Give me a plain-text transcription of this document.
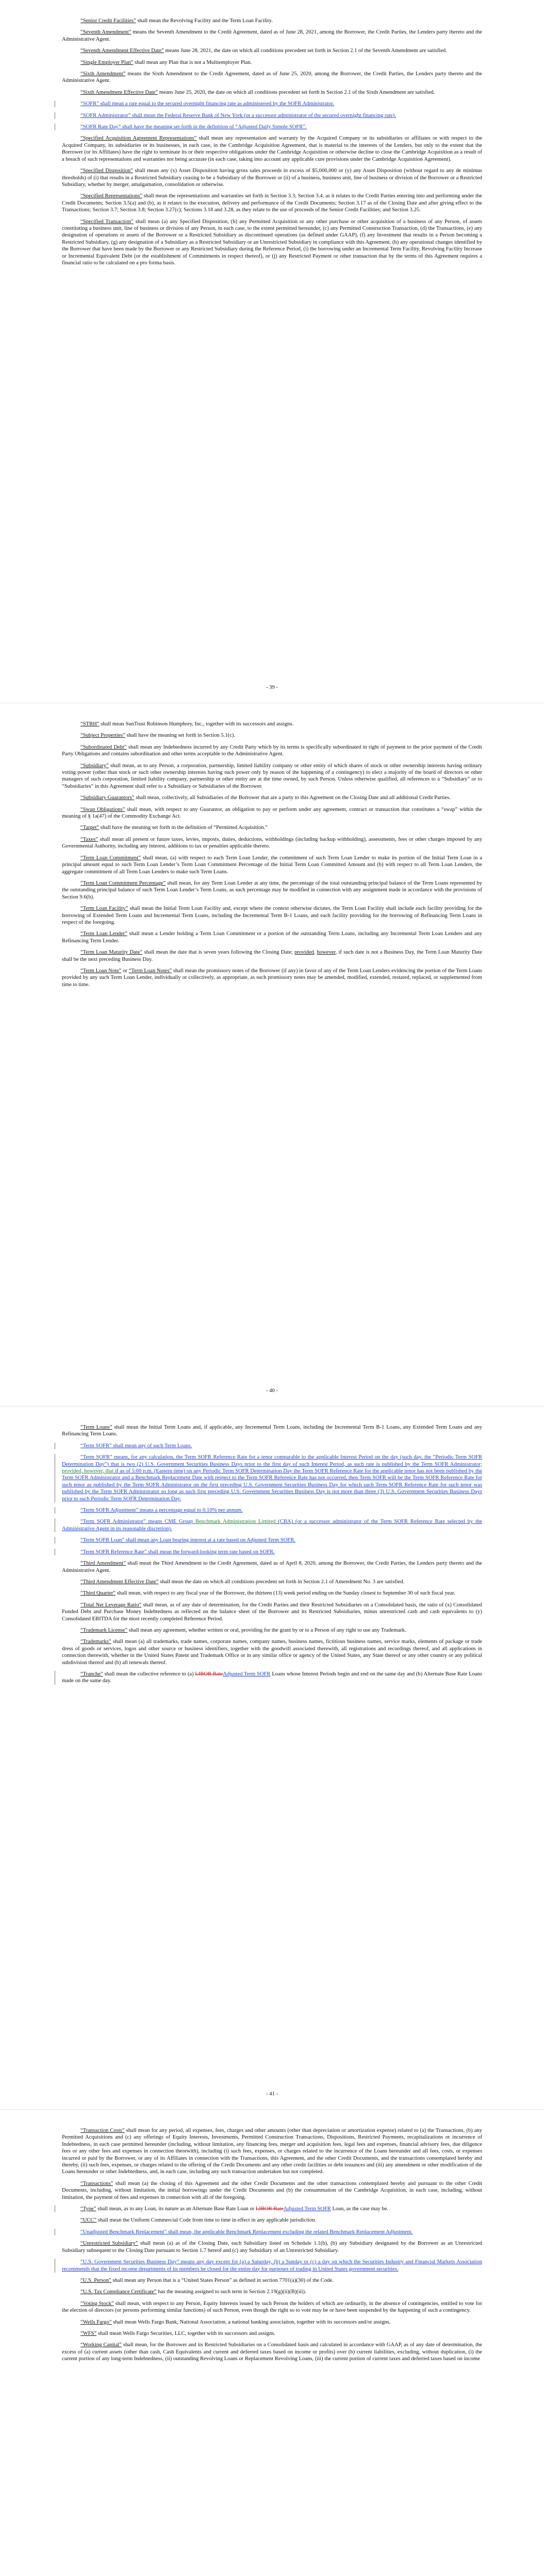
“Senior Credit Facilities” shall mean the Revolving Facility and the Term Loan Facility.

“Seventh Amendment” means the Seventh Amendment to the Credit Agreement, dated as of June 28, 2021, among the Borrower, the Credit Parties, the Lenders party thereto and the Administrative Agent.

“Seventh Amendment Effective Date” means June 28, 2021, the date on which all conditions precedent set forth in Section 2.1 of the Seventh Amendment are satisfied.

“Single Employer Plan” shall mean any Plan that is not a Multiemployer Plan.

“Sixth Amendment” means the Sixth Amendment to the Credit Agreement, dated as of June 25, 2020, among the Borrower, the Credit Parties, the Lenders party thereto and the Administrative Agent.

“Sixth Amendment Effective Date” means June 25, 2020, the date on which all conditions precedent set forth in Section 2.1 of the Sixth Amendment are satisfied.

“SOFR” shall mean a rate equal to the secured overnight financing rate as administered by the SOFR Administrator.

“SOFR Administrator” shall mean the Federal Reserve Bank of New York (or a successor administrator of the secured overnight financing rate).

“SOFR Rate Day” shall have the meaning set forth in the definition of “Adjusted Daily Simple SOFR”.

“Specified Acquisition Agreement Representations” shall mean any representation and warranty by the Acquired Company or its subsidiaries or affiliates or with respect to the Acquired Company, its subsidiaries or its businesses, in each case, in the Cambridge Acquisition Agreement, that is material to the interests of the Lenders, but only to the extent that the Borrower (or its Affiliates) have the right to terminate its or their respective obligations under the Cambridge Acquisition or otherwise decline to close the Cambridge Acquisition as a result of a breach of such representations and warranties not being accurate (in each case, taking into account any applicable cure provisions under the Cambridge Acquisition Agreement).

“Specified Disposition” shall mean any (x) Asset Disposition having gross sales proceeds in excess of $5,000,000 or (y) any Asset Disposition (without regard to any de minimus thresholds) of (i) that results in a Restricted Subsidiary ceasing to be a Subsidiary of the Borrower or (ii) of a business, business unit, line of business or division of the Borrower or a Restricted Subsidiary, whether by merger, amalgamation, consolidation or otherwise.

“Specified Representations” shall mean the representations and warranties set forth in Section 3.3; Section 3.4, as it relates to the Credit Parties entering into and performing under the Credit Documents; Section 3.5(a) and (b), as it relates to the execution, delivery and performance of the Credit Documents; Section 3.17 as of the Closing Date and after giving effect to the Transactions; Section 3.7; Section 3.8; Section 3.27(c); Sections 3.18 and 3.28, as they relate to the use of proceeds of the Senior Credit Facilities; and Section 3.25.

“Specified Transaction” shall mean (a) any Specified Disposition, (b) any Permitted Acquisition or any other purchase or other acquisition of a business of any Person, of assets constituting a business unit, line of business or division of any Person, in each case, to the extent permitted hereunder, (c) any Permitted Construction Transaction, (d) the Transactions, (e) any designation of operations or assets of the Borrower or a Restricted Subsidiary as discontinued operations (as defined under GAAP), (f) any Investment that results in a Person becoming a Restricted Subsidiary, (g) any designation of a Subsidiary as a Restricted Subsidiary or an Unrestricted Subsidiary in compliance with this Agreement, (h) any operational changes identified by the Borrower that have been made by the Borrower or any Restricted Subsidiary during the Reference Period, (i) the borrowing under an Incremental Term Facility, Revolving Facility Increase or Incremental Equivalent Debt (or the establishment of Commitments in respect thereof), or (j) any Restricted Payment or other transaction that by the terms of this Agreement requires a financial ratio to be calculated on a pro forma basis.

- 39 -

“STRH” shall mean SunTrust Robinson Humphrey, Inc., together with its successors and assigns.

“Subject Properties” shall have the meaning set forth in Section 5.1(c).

“Subordinated Debt” shall mean any Indebtedness incurred by any Credit Party which by its terms is specifically subordinated in right of payment to the prior payment of the Credit Party Obligations and contains subordination and other terms acceptable to the Administrative Agent.

“Subsidiary” shall mean, as to any Person, a corporation, partnership, limited liability company or other entity of which shares of stock or other ownership interests having ordinary voting power (other than stock or such other ownership interests having such power only by reason of the happening of a contingency) to elect a majority of the board of directors or other managers of such corporation, limited liability company, partnership or other entity are at the time owned, by such Person. Unless otherwise qualified, all references to a “Subsidiary” or to “Subsidiaries” in this Agreement shall refer to a Subsidiary or Subsidiaries of the Borrower.

“Subsidiary Guarantors” shall mean, collectively, all Subsidiaries of the Borrower that are a party to this Agreement on the Closing Date and all additional Credit Parties.

“Swap Obligations” shall mean, with respect to any Guarantor, an obligation to pay or perform under any agreement, contract or transaction that constitutes a “swap” within the meaning of § 1a(47) of the Commodity Exchange Act.

“Target” shall have the meaning set forth in the definition of “Permitted Acquisition.”

“Taxes” shall mean all present or future taxes, levies, imposts, duties, deductions, withholdings (including backup withholding), assessments, fees or other charges imposed by any Governmental Authority, including any interest, additions to tax or penalties applicable thereto.

“Term Loan Commitment” shall mean, (a) with respect to each Term Loan Lender, the commitment of such Term Loan Lender to make its portion of the Initial Term Loan in a principal amount equal to such Term Loan Lender’s Term Loan Commitment Percentage of the Initial Term Loan Committed Amount and (b) with respect to all Term Loan Lenders, the aggregate commitment of all Term Loan Lenders to make such Term Loans.

“Term Loan Commitment Percentage” shall mean, for any Term Loan Lender at any time, the percentage of the total outstanding principal balance of the Term Loans represented by the outstanding principal balance of such Term Loan Lender’s Term Loans, as such percentage may be modified in connection with any assignment made in accordance with the provisions of Section 9.6(b).

“Term Loan Facility” shall mean the Initial Term Loan Facility and, except where the context otherwise dictates, the Term Loan Facility shall include each facility providing for the borrowing of Extended Term Loans and Incremental Term Loans, including the Incremental Term B-1 Loans, and each facility providing for the borrowing of Refinancing Term Loans in respect of the foregoing.

“Term Loan Lender” shall mean a Lender holding a Term Loan Commitment or a portion of the outstanding Term Loans, including any Incremental Term Loan Lenders and any Refinancing Term Lender.

“Term Loan Maturity Date” shall mean the date that is seven years following the Closing Date; provided, however, if such date is not a Business Day, the Term Loan Maturity Date shall be the next preceding Business Day.

“Term Loan Note” or “Term Loan Notes” shall mean the promissory notes of the Borrower (if any) in favor of any of the Term Loan Lenders evidencing the portion of the Term Loans provided by any such Term Loan Lender, individually or collectively, as appropriate, as such promissory notes may be amended, modified, extended, restated, replaced, or supplemented from time to time.

- 40 -

“Term Loans” shall mean the Initial Term Loans and, if applicable, any Incremental Term Loans, including the Incremental Term B-1 Loans, any Extended Term Loans and any Refinancing Term Loans.

“Term SOFR” shall mean any of such Term Loans.

“Term SOFR” means, for any calculation, the Term SOFR Reference Rate for a tenor comparable to the applicable Interest Period on the day (such day, the “Periodic Term SOFR Determination Day”) that is two (2) U.S. Government Securities Business Days prior to the first day of such Interest Period, as such rate is published by the Term SOFR Administrator; provided, however, that if as of 5:00 p.m. (Eastern time) on any Periodic Term SOFR Determination Day the Term SOFR Reference Rate for the applicable tenor has not been published by the Term SOFR Administrator and a Benchmark Replacement Date with respect to the Term SOFR Reference Rate has not occurred, then Term SOFR will be the Term SOFR Reference Rate for such tenor as published by the Term SOFR Administrator on the first preceding U.S. Government Securities Business Day for which such Term SOFR Reference Rate for such tenor was published by the Term SOFR Administrator so long as such first preceding U.S. Government Securities Business Day is not more than three (3) U.S. Government Securities Business Days prior to such Periodic Term SOFR Determination Day.

“Term SOFR Adjustment” means a percentage equal to 0.10% per annum.

“Term SOFR Administrator” means CME Group Benchmark Administration Limited (CBA) (or a successor administrator of the Term SOFR Reference Rate selected by the Administrative Agent in its reasonable discretion).

“Term SOFR Loan” shall mean any Loan bearing interest at a rate based on Adjusted Term SOFR.

“Term SOFR Reference Rate” shall mean the forward-looking term rate based on SOFR.

“Third Amendment” shall mean the Third Amendment to the Credit Agreement, dated as of April 8, 2020, among the Borrower, the Credit Parties, the Lenders party thereto and the Administrative Agent.

“Third Amendment Effective Date” shall mean the date on which all conditions precedent set forth in Section 2.1 of Amendment No. 3 are satisfied.

“Third Quarter” shall mean, with respect to any fiscal year of the Borrower, the thirteen (13) week period ending on the Sunday closest to September 30 of such fiscal year.

“Total Net Leverage Ratio” shall mean, as of any date of determination, for the Credit Parties and their Restricted Subsidiaries on a Consolidated basis, the ratio of (x) Consolidated Funded Debt and Purchase Money Indebtedness as reflected on the balance sheet of the Borrower and its Restricted Subsidiaries, minus unrestricted cash and cash equivalents to (y) Consolidated EBITDA for the most recently completed Reference Period.

“Trademark License” shall mean any agreement, whether written or oral, providing for the grant by or to a Person of any right to use any Trademark.

“Trademarks” shall mean (a) all trademarks, trade names, corporate names, company names, business names, fictitious business names, service marks, elements of package or trade dress of goods or services, logos and other source or business identifiers, together with the goodwill associated therewith, all registrations and recordings thereof, and all applications in connection therewith, whether in the United States Patent and Trademark Office or in any similar office or agency of the United States, any State thereof or any other country or any political subdivision thereof and (b) all renewals thereof.

“Tranche” shall mean the collective reference to (a) LIBOR RateAdjusted Term SOFR Loans whose Interest Periods begin and end on the same day and (b) Alternate Base Rate Loans made on the same day.

- 41 -

“Transaction Costs” shall mean for any period, all expenses, fees, charges and other amounts (other than depreciation or amortization expense) related to (a) the Transactions, (b) any Permitted Acquisitions and (c) any offerings of Equity Interests, Investments, Permitted Construction Transactions, Dispositions, Restricted Payments, recapitalizations or incurrence of Indebtedness, in each case permitted hereunder (including, without limitation, any financing fees, merger and acquisition fees, legal fees and expenses, financial advisory fees, due diligence fees or any other fees and expenses in connection therewith), including (i) such fees, expenses, or charges related to the incurrence of the Loans hereunder and all fees, costs, or expenses incurred or paid by the Borrower, or any of its Affiliates in connection with the Transactions, this Agreement, and the other Credit Documents, and the transactions contemplated hereby and thereby, (ii) such fees, expenses, or charges related to the offering of the Credit Documents and any other credit facilities or debt issuances and (iii) any amendment or other modification of the Loans hereunder or other Indebtedness, and, in each case, including any such transaction undertaken but not completed.

“Transactions” shall mean (a) the closing of this Agreement and the other Credit Documents and the other transactions contemplated hereby and pursuant to the other Credit Documents, including, without limitation, the initial borrowings under the Credit Documents and (b) the consummation of the Cambridge Acquisition, in each case, including, without limitation, the payment of fees and expenses in connection with all of the foregoing.

“Type” shall mean, as to any Loan, its nature as an Alternate Base Rate Loan or LIBOR RateAdjusted Term SOFR Loan, as the case may be.

“UCC” shall mean the Uniform Commercial Code from time to time in effect in any applicable jurisdiction.

“Unadjusted Benchmark Replacement” shall mean, the applicable Benchmark Replacement excluding the related Benchmark Replacement Adjustment.

“Unrestricted Subsidiary” shall mean (a) as of the Closing Date, each Subsidiary listed on Schedule 1.1(b), (b) any Subsidiary designated by the Borrower as an Unrestricted Subsidiary subsequent to the Closing Date pursuant to Section 1.7 hereof and (c) any Subsidiary of an Unrestricted Subsidiary.

“U.S. Government Securities Business Day” means any day except for (a) a Saturday, (b) a Sunday or (c) a day on which the Securities Industry and Financial Markets Association recommends that the fixed income departments of its members be closed for the entire day for purposes of trading in United States government securities.

“U.S. Person” shall mean any Person that is a “United States Person” as defined in section 7701(a)(30) of the Code.

“U.S. Tax Compliance Certificate” has the meaning assigned to such term in Section 2.19(g)(ii)(B)(iii).

“Voting Stock” shall mean, with respect to any Person, Equity Interests issued by such Person the holders of which are ordinarily, in the absence of contingencies, entitled to vote for the election of directors (or persons performing similar functions) of such Person, even though the right so to vote may be or have been suspended by the happening of such a contingency.

“Wells Fargo” shall mean Wells Fargo Bank, National Association, a national banking association, together with its successors and/or assigns.

“WFS” shall mean Wells Fargo Securities, LLC, together with its successors and assigns.

“Working Capital” shall mean, for the Borrower and its Restricted Subsidiaries on a Consolidated basis and calculated in accordance with GAAP, as of any date of determination, the excess of (a) current assets (other than cash, Cash Equivalents and current and deferred taxes based on income or profits) over (b) current liabilities, excluding, without duplication, (i) the current portion of any long-term Indebtedness, (ii) outstanding Revolving Loans or Replacement Revolving Loans, (iii) the current portion of current taxes and deferred taxes based on income
